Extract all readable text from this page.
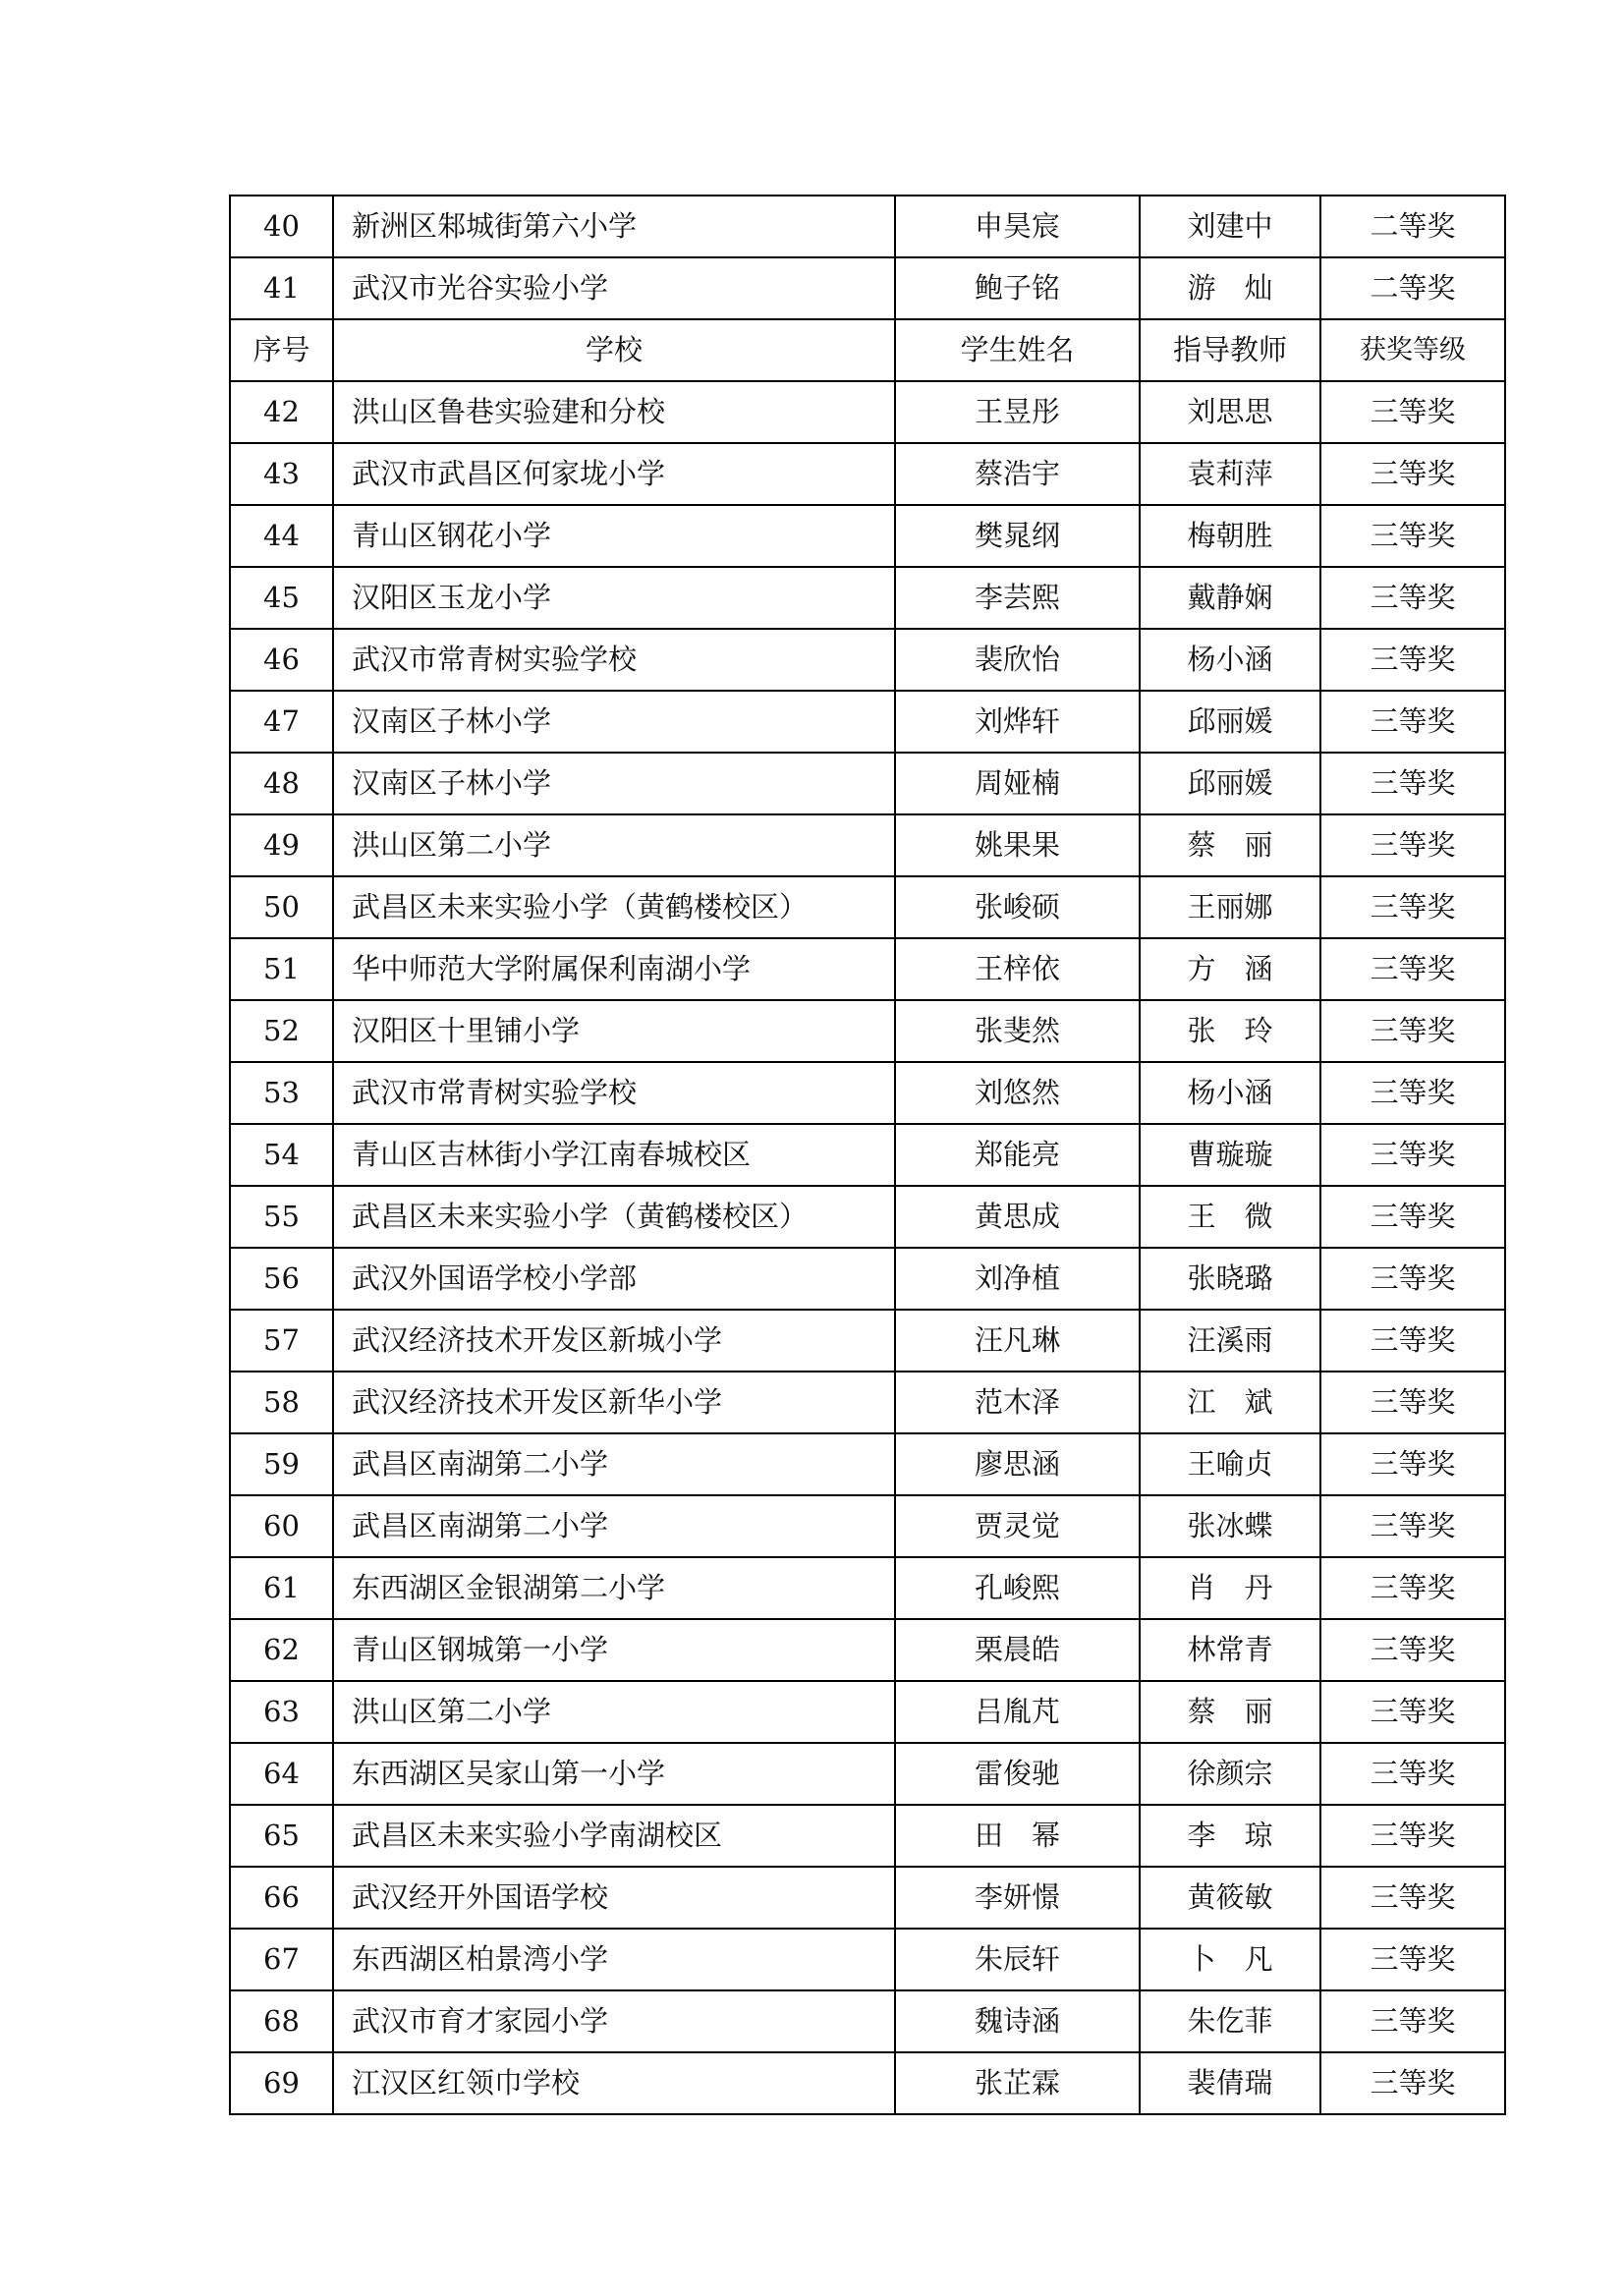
40	新洲区邾城街第六小学	申昊宸	刘建中	二等奖
41	武汉市光谷实验小学	鲍子铭	游　灿	二等奖
序号	学校	学生姓名	指导教师	获奖等级
42	洪山区鲁巷实验建和分校	王昱彤	刘思思	三等奖
43	武汉市武昌区何家垅小学	蔡浩宇	袁莉萍	三等奖
44	青山区钢花小学	樊晁纲	梅朝胜	三等奖
45	汉阳区玉龙小学	李芸熙	戴静娴	三等奖
46	武汉市常青树实验学校	裴欣怡	杨小涵	三等奖
47	汉南区子林小学	刘烨轩	邱丽媛	三等奖
48	汉南区子林小学	周娅楠	邱丽媛	三等奖
49	洪山区第二小学	姚果果	蔡　丽	三等奖
50	武昌区未来实验小学（黄鹤楼校区）	张峻硕	王丽娜	三等奖
51	华中师范大学附属保利南湖小学	王梓依	方　涵	三等奖
52	汉阳区十里铺小学	张斐然	张　玲	三等奖
53	武汉市常青树实验学校	刘悠然	杨小涵	三等奖
54	青山区吉林街小学江南春城校区	郑能亮	曹璇璇	三等奖
55	武昌区未来实验小学（黄鹤楼校区）	黄思成	王　微	三等奖
56	武汉外国语学校小学部	刘净植	张晓璐	三等奖
57	武汉经济技术开发区新城小学	汪凡琳	汪溪雨	三等奖
58	武汉经济技术开发区新华小学	范木泽	江　斌	三等奖
59	武昌区南湖第二小学	廖思涵	王喻贞	三等奖
60	武昌区南湖第二小学	贾灵觉	张冰蝶	三等奖
61	东西湖区金银湖第二小学	孔峻熙	肖　丹	三等奖
62	青山区钢城第一小学	栗晨皓	林常青	三等奖
63	洪山区第二小学	吕胤芃	蔡　丽	三等奖
64	东西湖区吴家山第一小学	雷俊驰	徐颜宗	三等奖
65	武昌区未来实验小学南湖校区	田　幂	李　琼	三等奖
66	武汉经开外国语学校	李妍憬	黄筱敏	三等奖
67	东西湖区柏景湾小学	朱辰轩	卜　凡	三等奖
68	武汉市育才家园小学	魏诗涵	朱仡菲	三等奖
69	江汉区红领巾学校	张芷霖	裴倩瑞	三等奖
